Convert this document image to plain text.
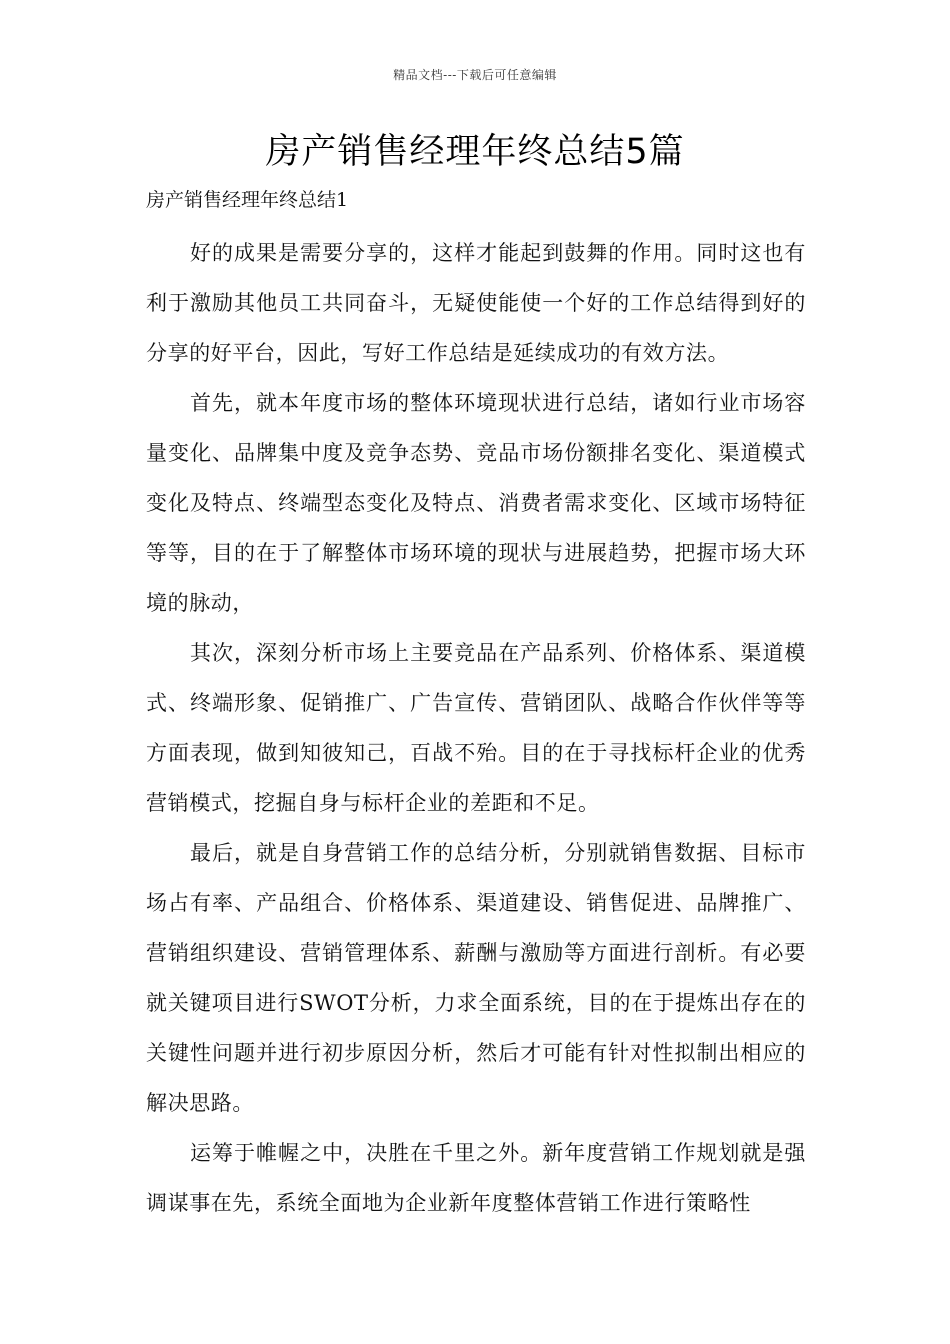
精品文档---下载后可任意编辑
房产销售经理年终总结5篇

房产销售经理年终总结1

好的成果是需要分享的，这样才能起到鼓舞的作用。同时这也有利于激励其他员工共同奋斗，无疑使能使一个好的工作总结得到好的分享的好平台，因此，写好工作总结是延续成功的有效方法。

首先，就本年度市场的整体环境现状进行总结，诸如行业市场容量变化、品牌集中度及竞争态势、竞品市场份额排名变化、渠道模式变化及特点、终端型态变化及特点、消费者需求变化、区域市场特征等等，目的在于了解整体市场环境的现状与进展趋势，把握市场大环境的脉动，

其次，深刻分析市场上主要竞品在产品系列、价格体系、渠道模式、终端形象、促销推广、广告宣传、营销团队、战略合作伙伴等等方面表现，做到知彼知己，百战不殆。目的在于寻找标杆企业的优秀营销模式，挖掘自身与标杆企业的差距和不足。

最后，就是自身营销工作的总结分析，分别就销售数据、目标市场占有率、产品组合、价格体系、渠道建设、销售促进、品牌推广、营销组织建设、营销管理体系、薪酬与激励等方面进行剖析。有必要就关键项目进行SWOT分析，力求全面系统，目的在于提炼出存在的关键性问题并进行初步原因分析，然后才可能有针对性拟制出相应的解决思路。

运筹于帷幄之中，决胜在千里之外。新年度营销工作规划就是强调谋事在先，系统全面地为企业新年度整体营销工作进行策略性
